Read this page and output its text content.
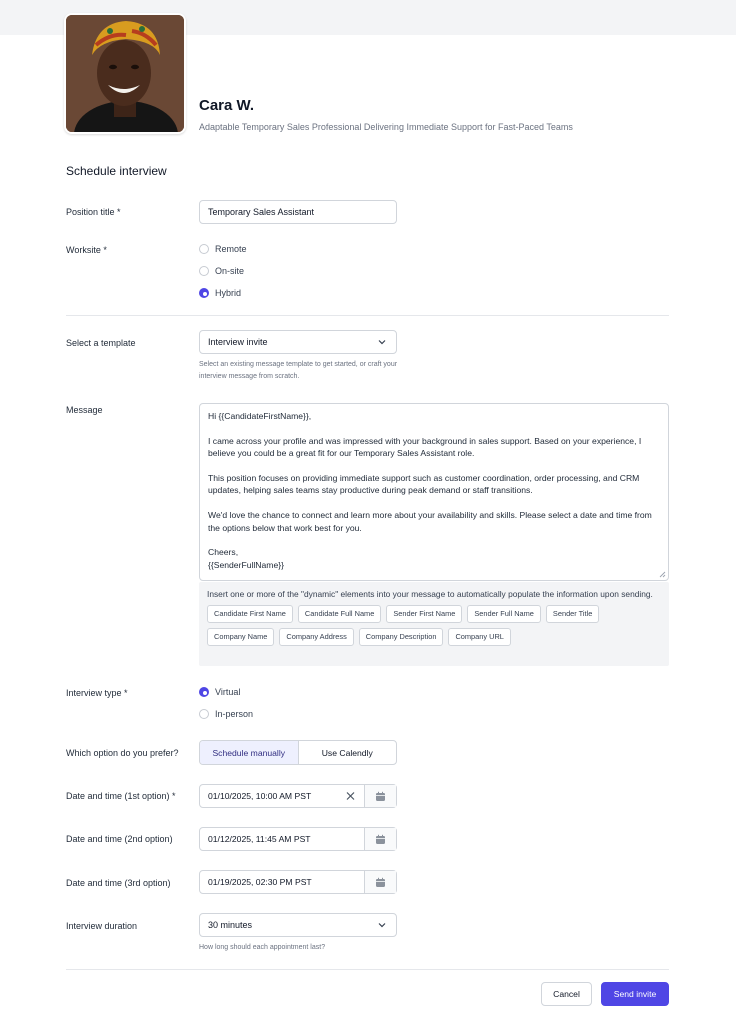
Cara W.
Adaptable Temporary Sales Professional Delivering Immediate Support for Fast-Paced Teams
Schedule interview
Position title *	Temporary Sales Assistant
Worksite *	Remote
On-site
Hybrid
Select a template	Interview invite
Select an existing message template to get started, or craft your interview message from scratch.
Message

Hi {{CandidateFirstName}},

I came across your profile and was impressed with your background in sales support. Based on your experience, I believe you could be a great fit for our Temporary Sales Assistant role.

This position focuses on providing immediate support such as customer coordination, order processing, and CRM updates, helping sales teams stay productive during peak demand or staff transitions.

We'd love the chance to connect and learn more about your availability and skills. Please select a date and time from the options below that work best for you.

Cheers,

{{SenderFullName}}

Insert one or more of the "dynamic" elements into your message to automatically populate the information upon sending.
Candidate First Name	Candidate Full Name	Sender First Name	Sender Full Name	Sender Title
Company Name	Company Address	Company Description	Company URL
Interview type *	Virtual
In-person
Which option do you prefer?	Schedule manually	Use Calendly
Date and time (1st option) *	01/10/2025, 10:00 AM PST
Date and time (2nd option)	01/12/2025, 11:45 AM PST
Date and time (3rd option)	01/19/2025, 02:30 PM PST
Interview duration	30 minutes
How long should each appointment last?
Cancel	Send invite
